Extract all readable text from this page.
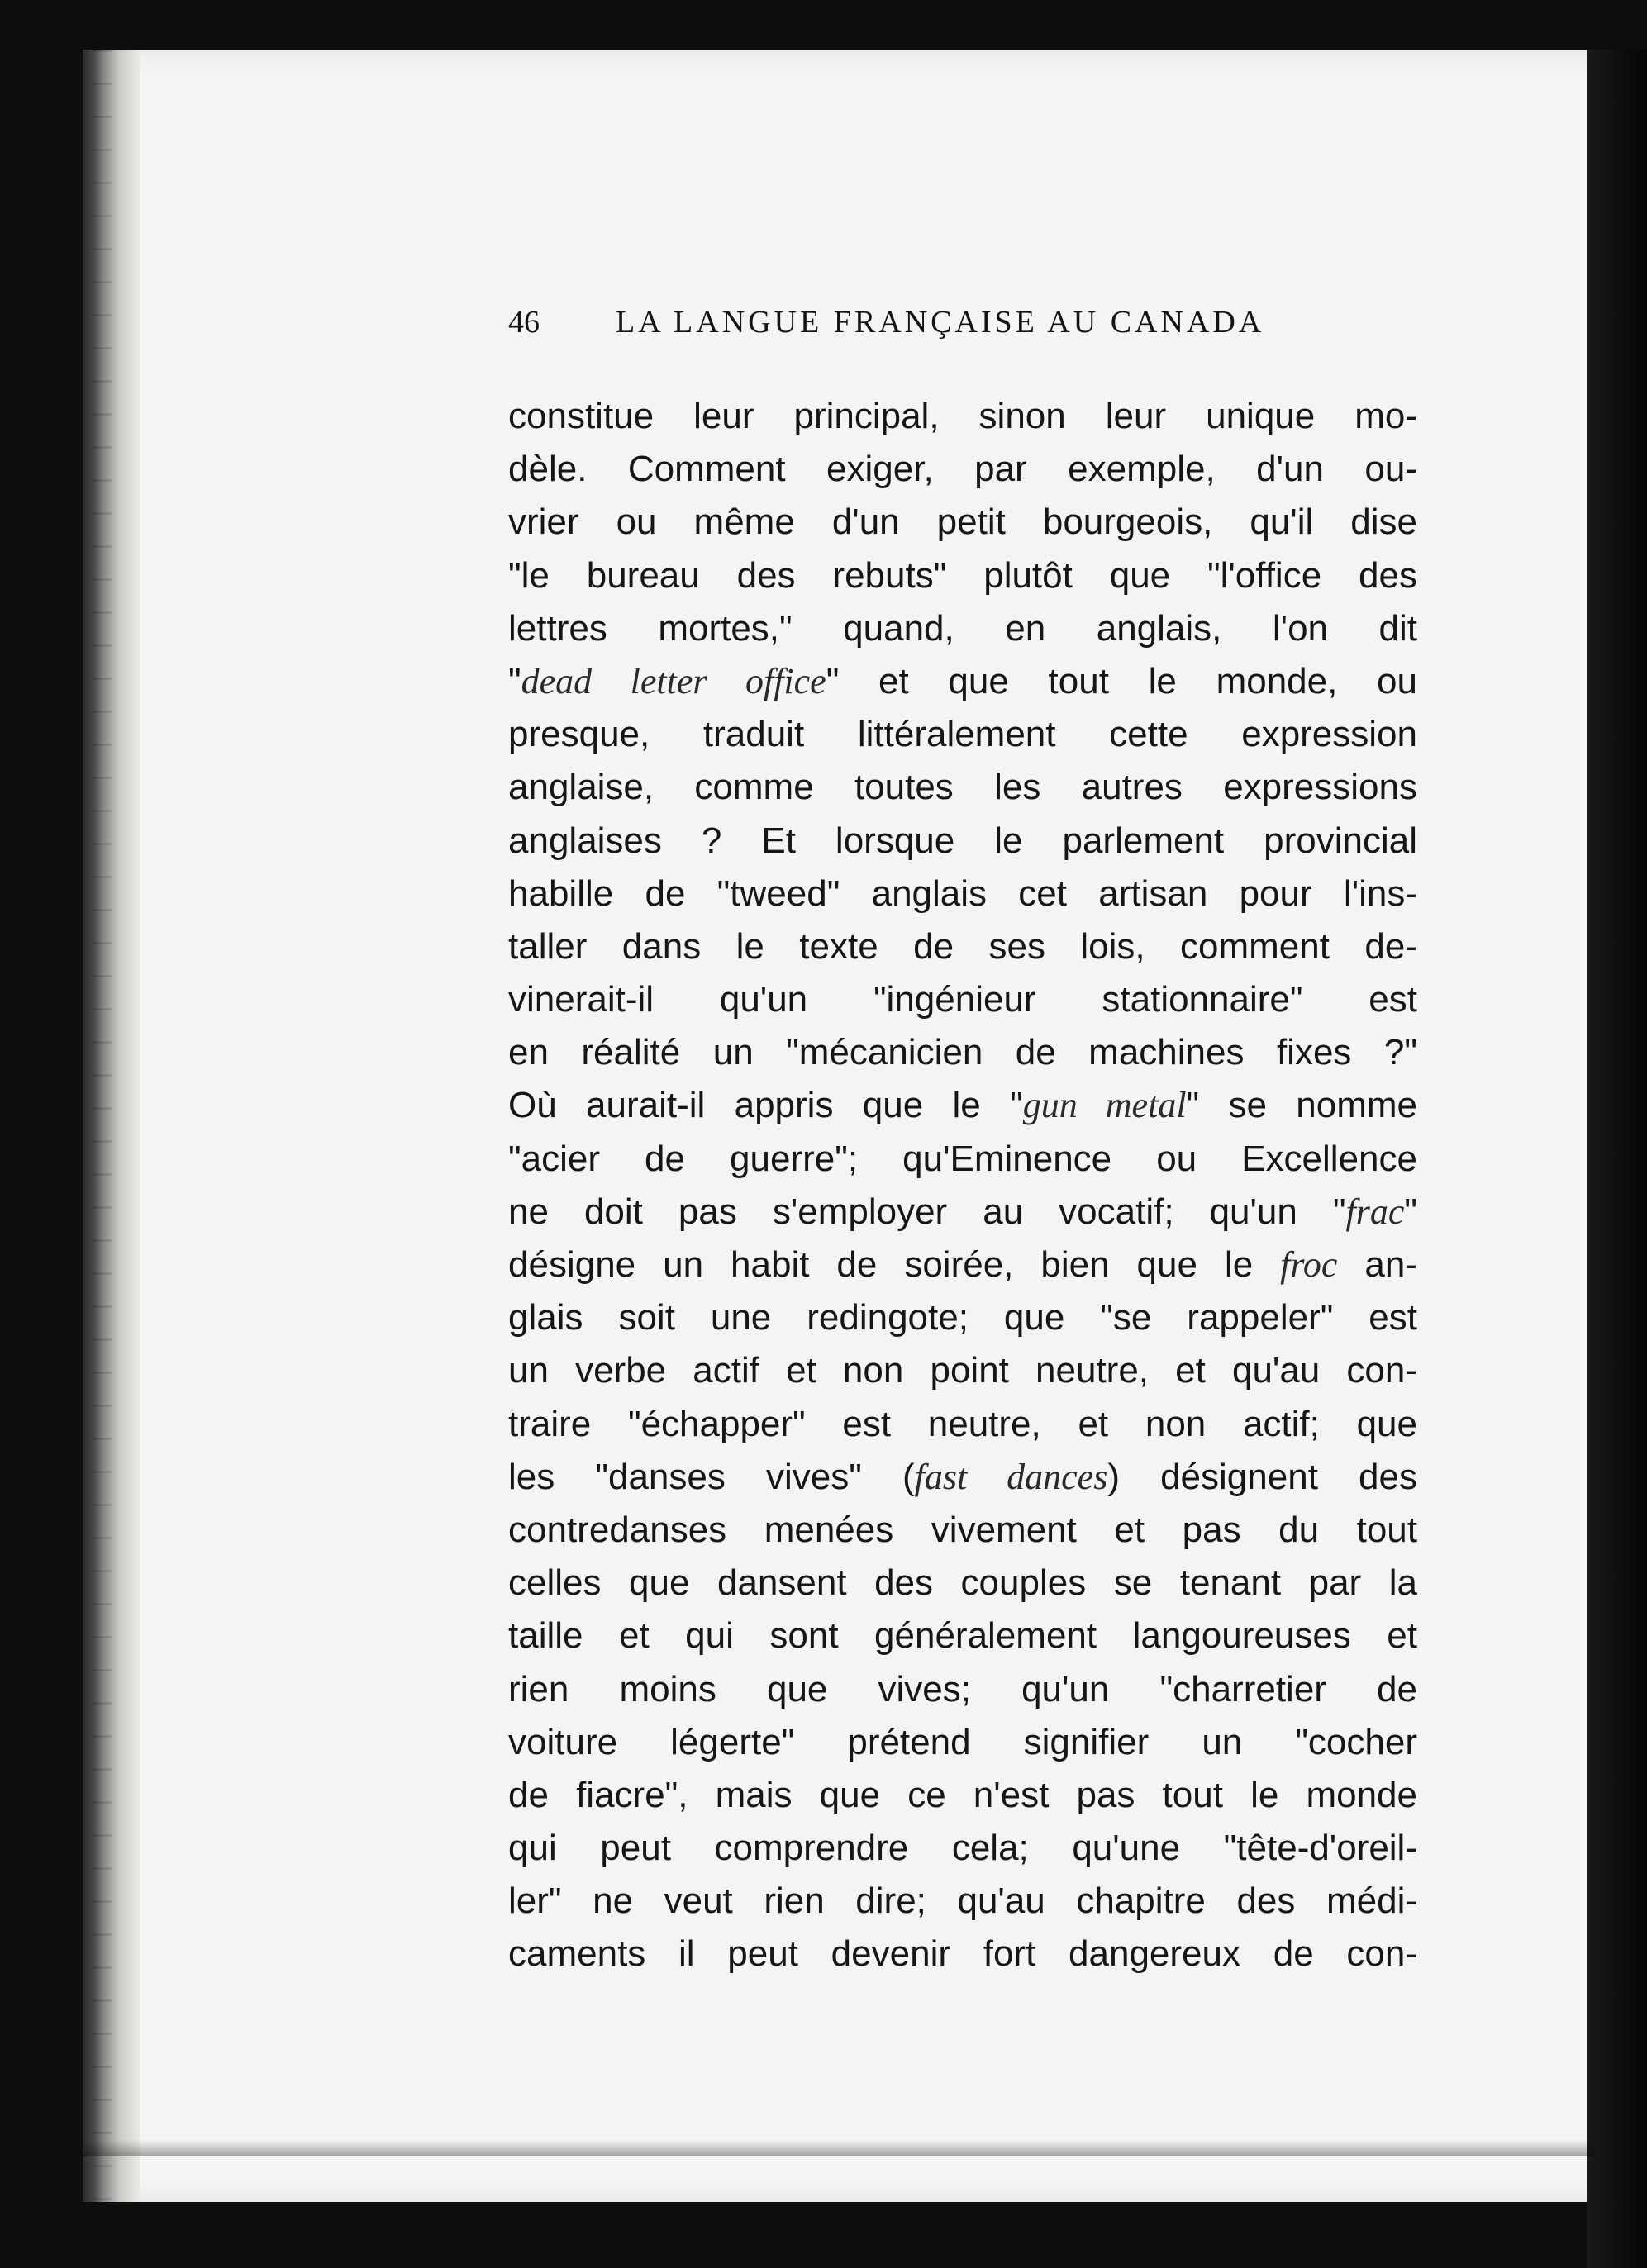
46 LA LANGUE FRANÇAISE AU CANADA
constitue leur principal, sinon leur unique mo-
dèle. Comment exiger, par exemple, d'un ou-
vrier ou même d'un petit bourgeois, qu'il dise
"le bureau des rebuts" plutôt que "l'office des
lettres mortes," quand, en anglais, l'on dit
"dead letter office" et que tout le monde, ou
presque, traduit littéralement cette expression
anglaise, comme toutes les autres expressions
anglaises ? Et lorsque le parlement provincial
habille de "tweed" anglais cet artisan pour l'ins-
taller dans le texte de ses lois, comment de-
vinerait-il qu'un "ingénieur stationnaire" est
en réalité un "mécanicien de machines fixes ?"
Où aurait-il appris que le "gun metal" se nomme
"acier de guerre"; qu'Eminence ou Excellence
ne doit pas s'employer au vocatif; qu'un "frac"
désigne un habit de soirée, bien que le froc an-
glais soit une redingote; que "se rappeler" est
un verbe actif et non point neutre, et qu'au con-
traire "échapper" est neutre, et non actif; que
les "danses vives" (fast dances) désignent des
contredanses menées vivement et pas du tout
celles que dansent des couples se tenant par la
taille et qui sont généralement langoureuses et
rien moins que vives; qu'un "charretier de
voiture légerte" prétend signifier un "cocher
de fiacre", mais que ce n'est pas tout le monde
qui peut comprendre cela; qu'une "tête-d'oreil-
ler" ne veut rien dire; qu'au chapitre des médi-
caments il peut devenir fort dangereux de con-
